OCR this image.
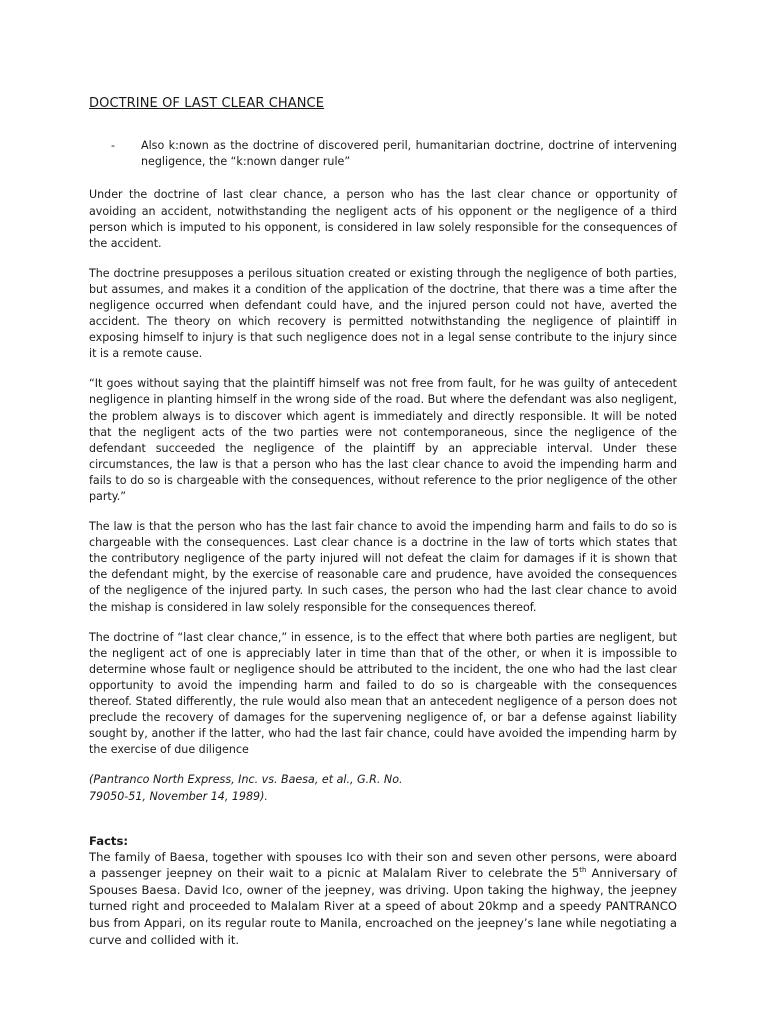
DOCTRINE OF LAST CLEAR CHANCE
-	Also k:nown as the doctrine of discovered peril, humanitarian doctrine, doctrine of intervening negligence, the “k:nown danger rule”

Under the doctrine of last clear chance, a person who has the last clear chance or opportunity of avoiding an accident, notwithstanding the negligent acts of his opponent or the negligence of a third person which is imputed to his opponent, is considered in law solely responsible for the consequences of the accident.

The doctrine presupposes a perilous situation created or existing through the negligence of both parties, but assumes, and makes it a condition of the application of the doctrine, that there was a time after the negligence occurred when defendant could have, and the injured person could not have, averted the accident. The theory on which recovery is permitted notwithstanding the negligence of plaintiff in exposing himself to injury is that such negligence does not in a legal sense contribute to the injury since it is a remote cause.

“It goes without saying that the plaintiff himself was not free from fault, for he was guilty of antecedent negligence in planting himself in the wrong side of the road. But where the defendant was also negligent, the problem always is to discover which agent is immediately and directly responsible. It will be noted that the negligent acts of the two parties were not contemporaneous, since the negligence of the defendant succeeded the negligence of the plaintiff by an appreciable interval. Under these circumstances, the law is that a person who has the last clear chance to avoid the impending harm and fails to do so is chargeable with the consequences, without reference to the prior negligence of the other party.”

The law is that the person who has the last fair chance to avoid the impending harm and fails to do so is chargeable with the consequences. Last clear chance is a doctrine in the law of torts which states that the contributory negligence of the party injured will not defeat the claim for damages if it is shown that the defendant might, by the exercise of reasonable care and prudence, have avoided the consequences of the negligence of the injured party. In such cases, the person who had the last clear chance to avoid the mishap is considered in law solely responsible for the consequences thereof.

The doctrine of “last clear chance,” in essence, is to the effect that where both parties are negligent, but the negligent act of one is appreciably later in time than that of the other, or when it is impossible to determine whose fault or negligence should be attributed to the incident, the one who had the last clear opportunity to avoid the impending harm and failed to do so is chargeable with the consequences thereof. Stated differently, the rule would also mean that an antecedent negligence of a person does not preclude the recovery of damages for the supervening negligence of, or bar a defense against liability sought by, another if the latter, who had the last fair chance, could have avoided the impending harm by the exercise of due diligence

(Pantranco North Express, Inc. vs. Baesa, et al., G.R. No. 79050-51, November 14, 1989).

Facts:

The family of Baesa, together with spouses Ico with their son and seven other persons, were aboard a passenger jeepney on their wait to a picnic at Malalam River to celebrate the 5th Anniversary of Spouses Baesa. David Ico, owner of the jeepney, was driving. Upon taking the highway, the jeepney turned right and proceeded to Malalam River at a speed of about 20kmp and a speedy PANTRANCO bus from Appari, on its regular route to Manila, encroached on the jeepney’s lane while negotiating a curve and collided with it.
